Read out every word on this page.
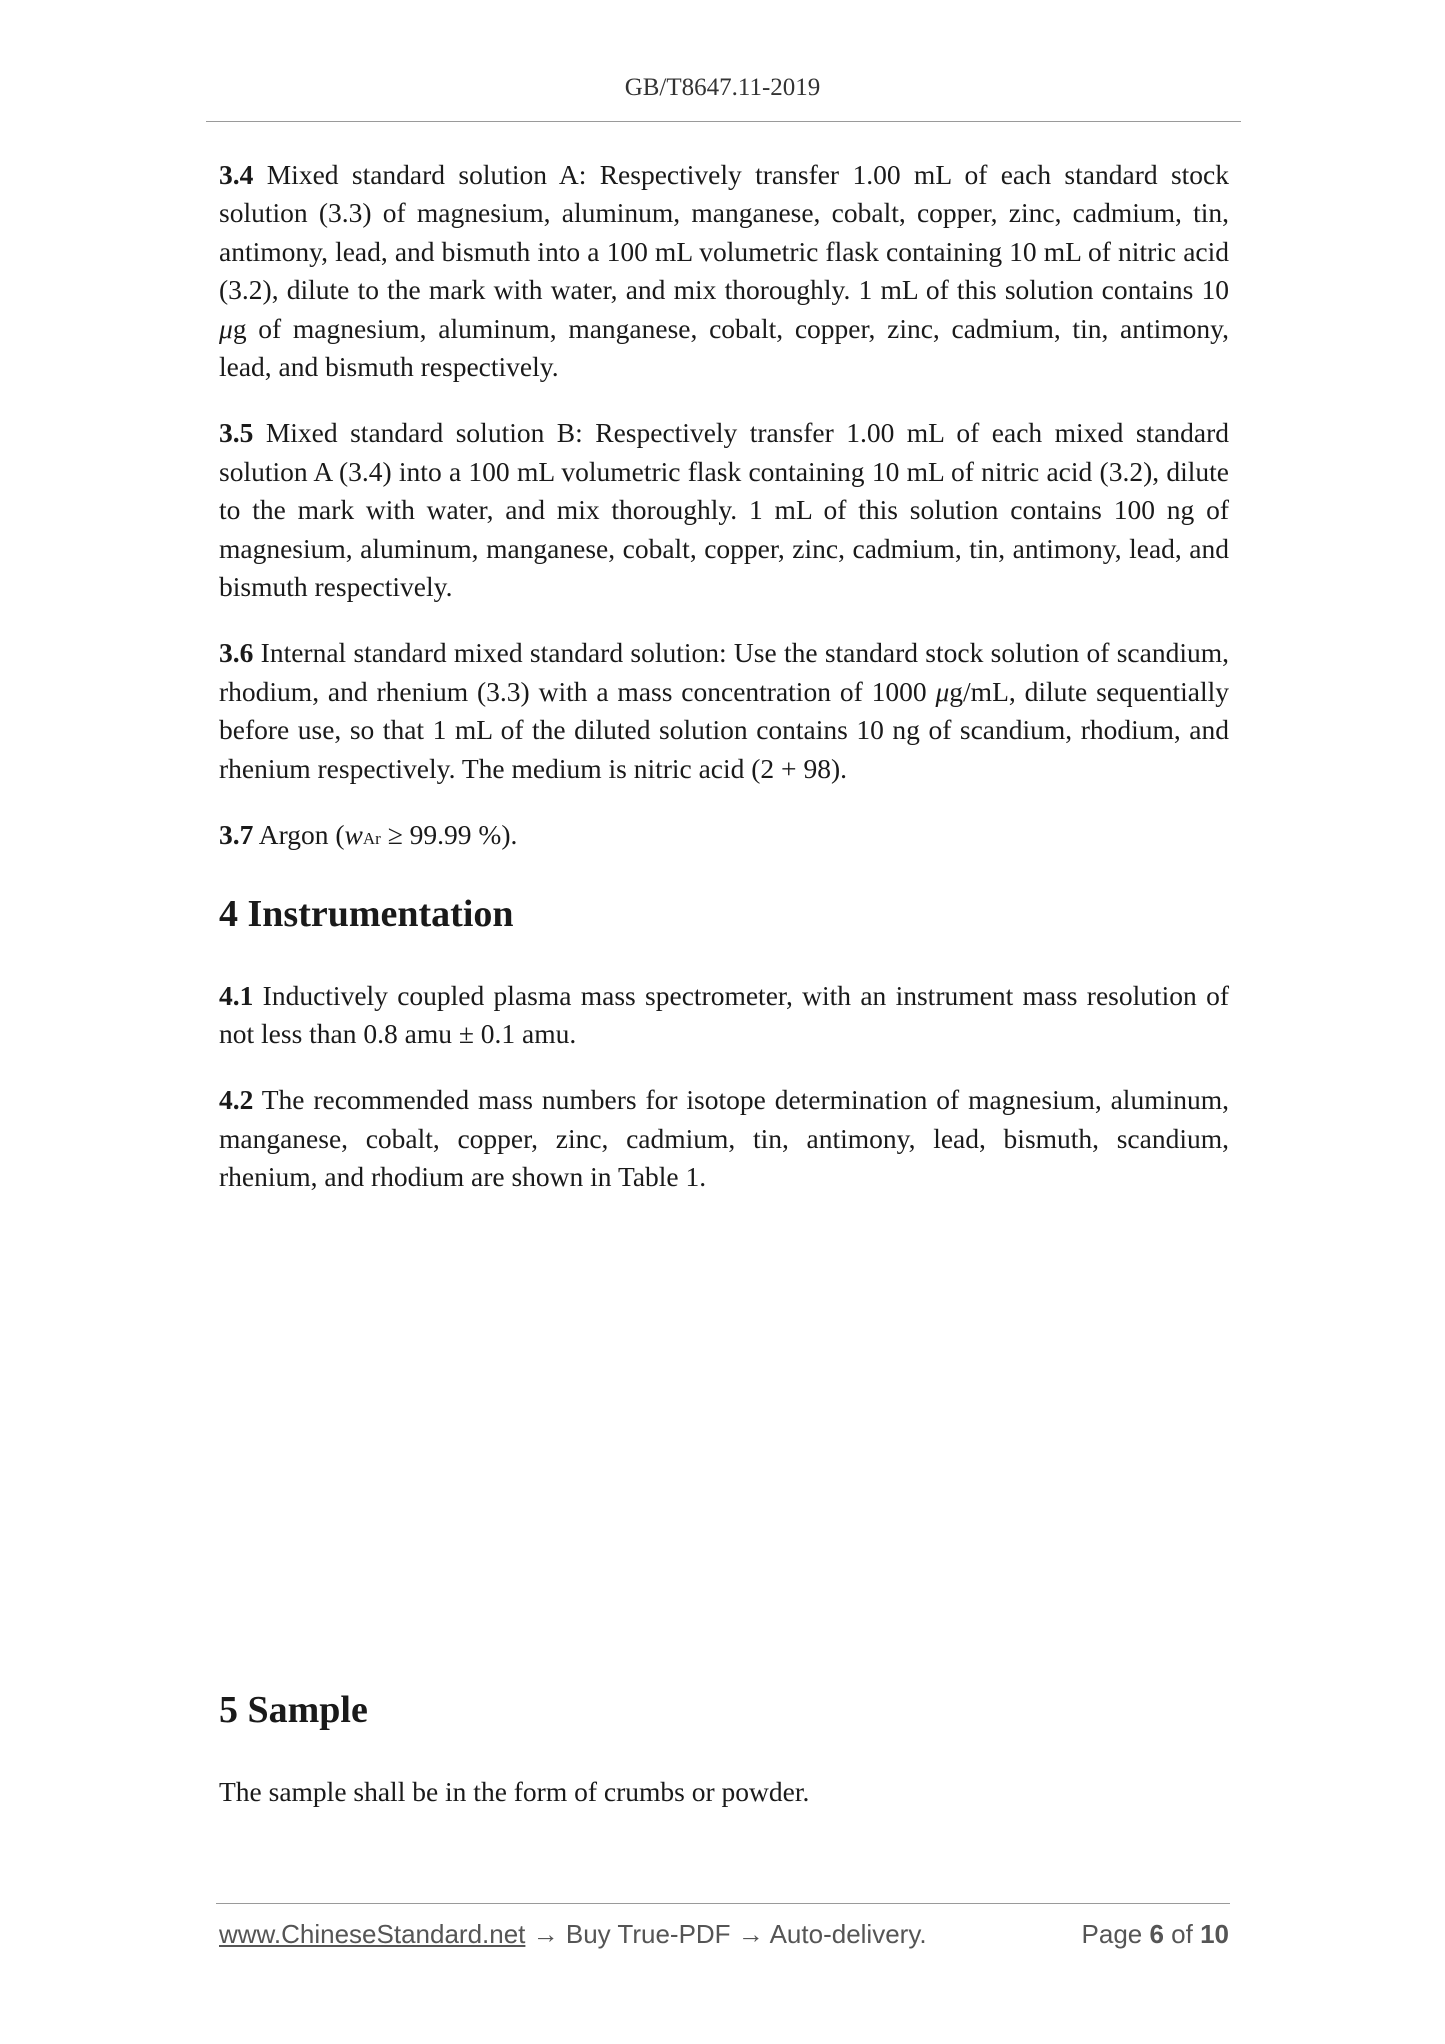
GB/T8647.11-2019

3.4 Mixed standard solution A: Respectively transfer 1.00 mL of each standard stock solution (3.3) of magnesium, aluminum, manganese, cobalt, copper, zinc, cadmium, tin, antimony, lead, and bismuth into a 100 mL volumetric flask containing 10 mL of nitric acid (3.2), dilute to the mark with water, and mix thoroughly. 1 mL of this solution contains 10 μg of magnesium, aluminum, manganese, cobalt, copper, zinc, cadmium, tin, antimony, lead, and bismuth respectively.

3.5 Mixed standard solution B: Respectively transfer 1.00 mL of each mixed standard solution A (3.4) into a 100 mL volumetric flask containing 10 mL of nitric acid (3.2), dilute to the mark with water, and mix thoroughly. 1 mL of this solution contains 100 ng of magnesium, aluminum, manganese, cobalt, copper, zinc, cadmium, tin, antimony, lead, and bismuth respectively.

3.6 Internal standard mixed standard solution: Use the standard stock solution of scandium, rhodium, and rhenium (3.3) with a mass concentration of 1000 μg/mL, dilute sequentially before use, so that 1 mL of the diluted solution contains 10 ng of scandium, rhodium, and rhenium respectively. The medium is nitric acid (2 + 98).

3.7 Argon (wAr ≥ 99.99 %).

4 Instrumentation

4.1 Inductively coupled plasma mass spectrometer, with an instrument mass resolution of not less than 0.8 amu ± 0.1 amu.

4.2 The recommended mass numbers for isotope determination of magnesium, aluminum, manganese, cobalt, copper, zinc, cadmium, tin, antimony, lead, bismuth, scandium, rhenium, and rhodium are shown in Table 1.

5 Sample

The sample shall be in the form of crumbs or powder.

www.ChineseStandard.net → Buy True-PDF → Auto-delivery.	Page 6 of 10
